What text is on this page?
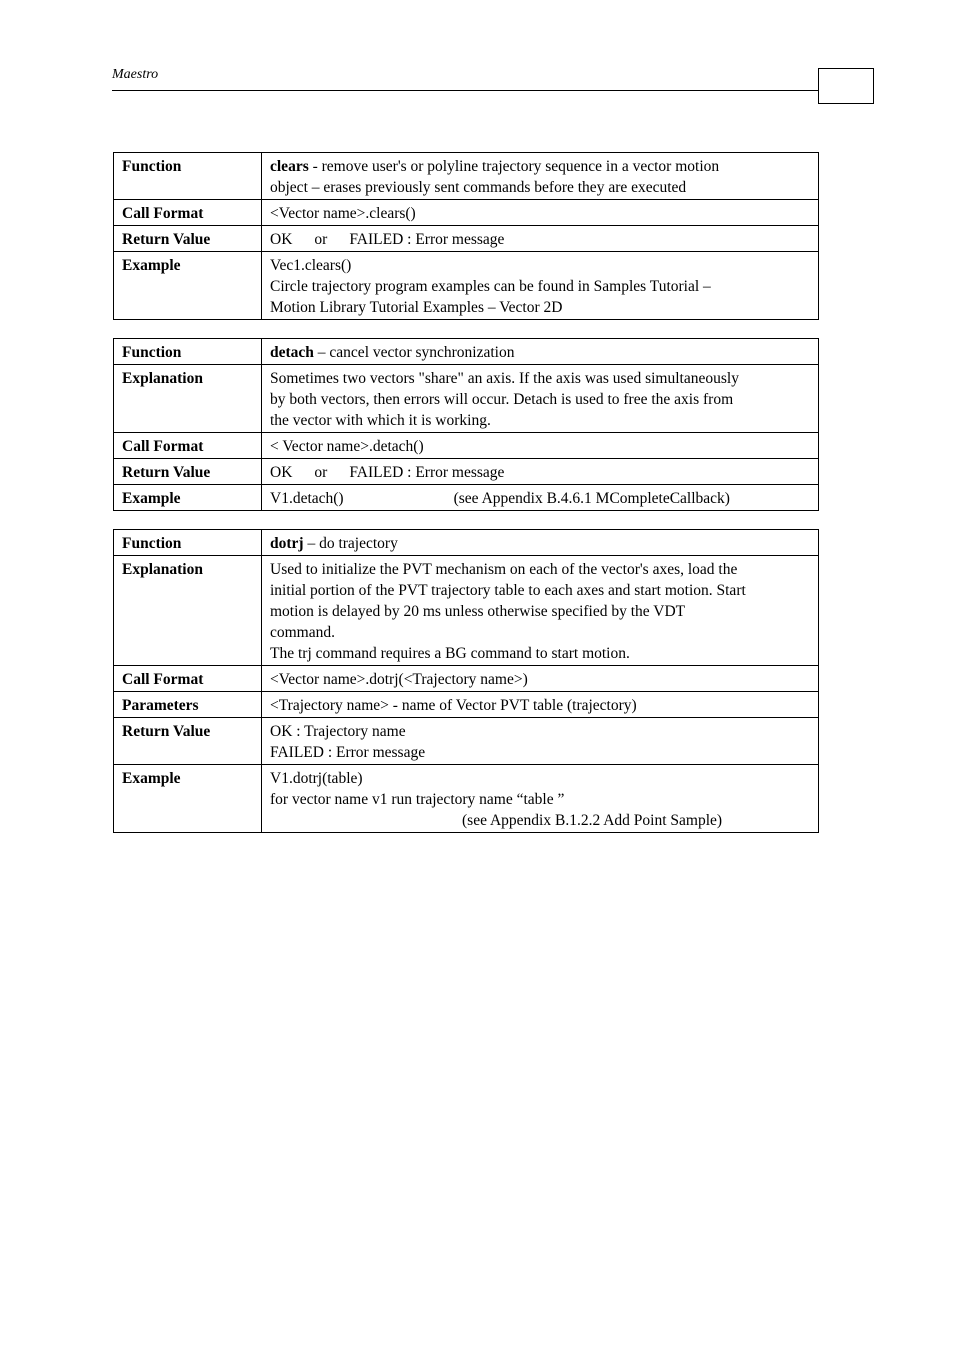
Maestro
Function	clears - remove user's or polyline trajectory sequence in a vector motion
object – erases previously sent commands before they are executed
Call Format	<Vector name>.clears()
Return Value	OK or FAILED : Error message
Example	Vec1.clears()
Circle trajectory program examples can be found in Samples Tutorial –
Motion Library Tutorial Examples – Vector 2D
Function	detach – cancel vector synchronization
Explanation	Sometimes two vectors "share" an axis. If the axis was used simultaneously
by both vectors, then errors will occur. Detach is used to free the axis from
the vector with which it is working.
Call Format	< Vector name>.detach()
Return Value	OK or FAILED : Error message
Example	V1.detach() (see Appendix B.4.6.1 MCompleteCallback)
Function	dotrj – do trajectory
Explanation	Used to initialize the PVT mechanism on each of the vector's axes, load the
initial portion of the PVT trajectory table to each axes and start motion. Start
motion is delayed by 20 ms unless otherwise specified by the VDT
command.
The trj command requires a BG command to start motion.
Call Format	<Vector name>.dotrj(<Trajectory name>)
Parameters	<Trajectory name> - name of Vector PVT table (trajectory)
Return Value	OK : Trajectory name
FAILED : Error message
Example	V1.dotrj(table)
for vector name v1 run trajectory name “table ”
(see Appendix B.1.2.2 Add Point Sample)
